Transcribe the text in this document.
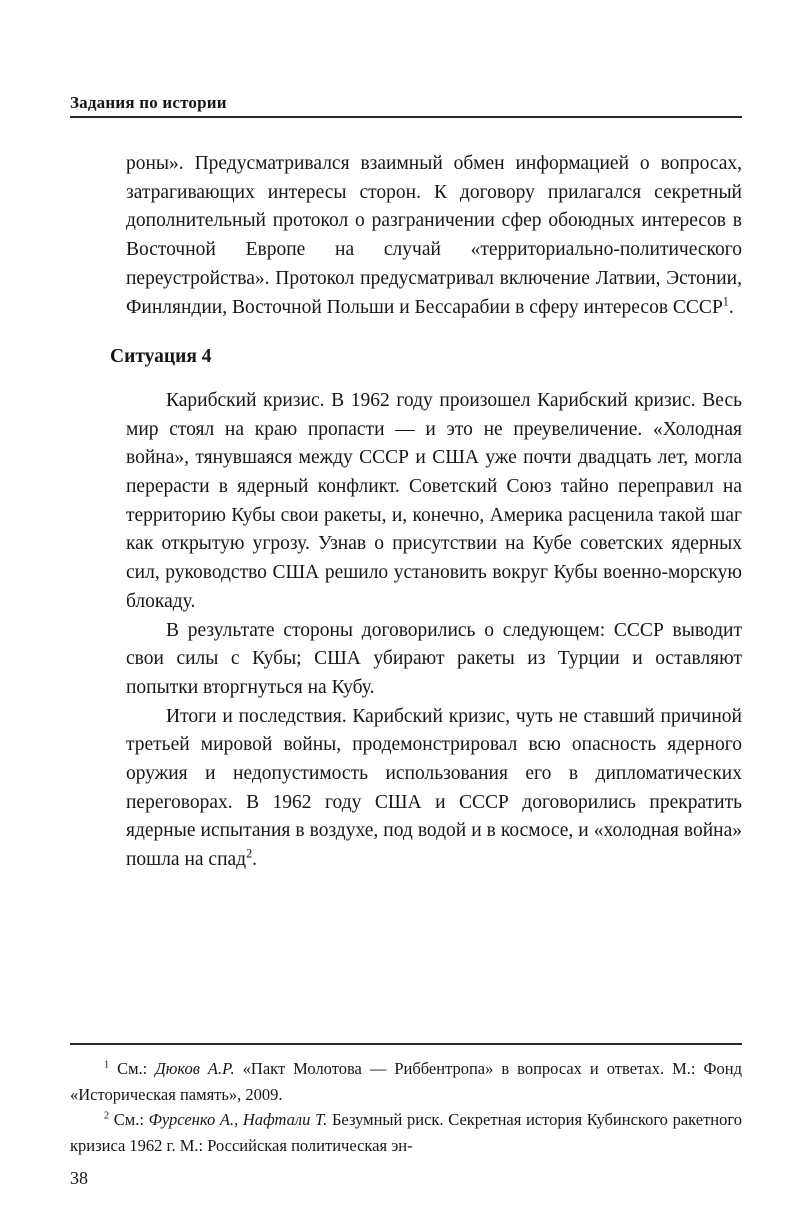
Задания по истории

роны». Предусматривался взаимный обмен информацией о вопросах, затрагивающих интересы сторон. К договору прилагался секретный дополнительный протокол о разграничении сфер обоюдных интересов в Восточной Европе на случай «территориально-политического переустройства». Протокол предусматривал включение Латвии, Эстонии, Финляндии, Восточной Польши и Бессарабии в сферу интересов СССР$^1$.

Ситуация 4

Карибский кризис. В 1962 году произошел Карибский кризис. Весь мир стоял на краю пропасти — и это не преувеличение. «Холодная война», тянувшаяся между СССР и США уже почти двадцать лет, могла перерасти в ядерный конфликт. Советский Союз тайно переправил на территорию Кубы свои ракеты, и, конечно, Америка расценила такой шаг как открытую угрозу. Узнав о присутствии на Кубе советских ядерных сил, руководство США решило установить вокруг Кубы военно-морскую блокаду.

В результате стороны договорились о следующем: СССР выводит свои силы с Кубы; США убирают ракеты из Турции и оставляют попытки вторгнуться на Кубу.

Итоги и последствия. Карибский кризис, чуть не ставший причиной третьей мировой войны, продемонстрировал всю опасность ядерного оружия и недопустимость использования его в дипломатических переговорах. В 1962 году США и СССР договорились прекратить ядерные испытания в воздухе, под водой и в космосе, и «холодная война» пошла на спад$^2$.

$^1$ См.: Дюков А.Р. «Пакт Молотова — Риббентропа» в вопросах и ответах. М.: Фонд «Историческая память», 2009.

$^2$ См.: Фурсенко А., Нафтали Т. Безумный риск. Секретная история Кубинского ракетного кризиса 1962 г. М.: Российская политическая эн-

38
